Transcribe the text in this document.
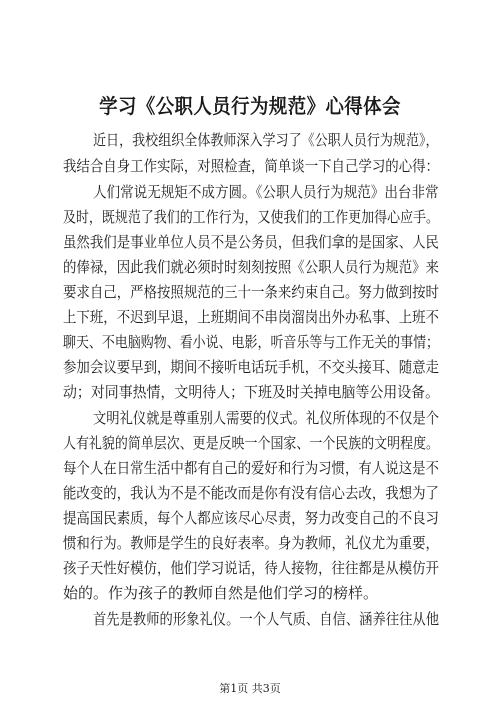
学习《公职人员行为规范》心得体会
近日，我校组织全体教师深入学习了《公职人员行为规范》，
我结合自身工作实际，对照检查，简单谈一下自己学习的心得：
人们常说无规矩不成方圆。《公职人员行为规范》出台非常
及时，既规范了我们的工作行为，又使我们的工作更加得心应手。
虽然我们是事业单位人员不是公务员，但我们拿的是国家、人民
的俸禄，因此我们就必须时时刻刻按照《公职人员行为规范》来
要求自己，严格按照规范的三十一条来约束自己。努力做到按时
上下班，不迟到早退，上班期间不串岗溜岗出外办私事、上班不
聊天、不电脑购物、看小说、电影，听音乐等与工作无关的事情；
参加会议要早到，期间不接听电话玩手机，不交头接耳、随意走
动；对同事热情，文明待人；下班及时关掉电脑等公用设备。
文明礼仪就是尊重别人需要的仪式。礼仪所体现的不仅是个
人有礼貌的简单层次、更是反映一个国家、一个民族的文明程度。
每个人在日常生活中都有自己的爱好和行为习惯，有人说这是不
能改变的，我认为不是不能改而是你有没有信心去改，我想为了
提高国民素质，每个人都应该尽心尽责，努力改变自己的不良习
惯和行为。教师是学生的良好表率。身为教师，礼仪尤为重要，
孩子天性好模仿，他们学习说话，待人接物，往往都是从模仿开
始的。作为孩子的教师自然是他们学习的榜样。
首先是教师的形象礼仪。一个人气质、自信、涵养往往从他
第1页 共3页
